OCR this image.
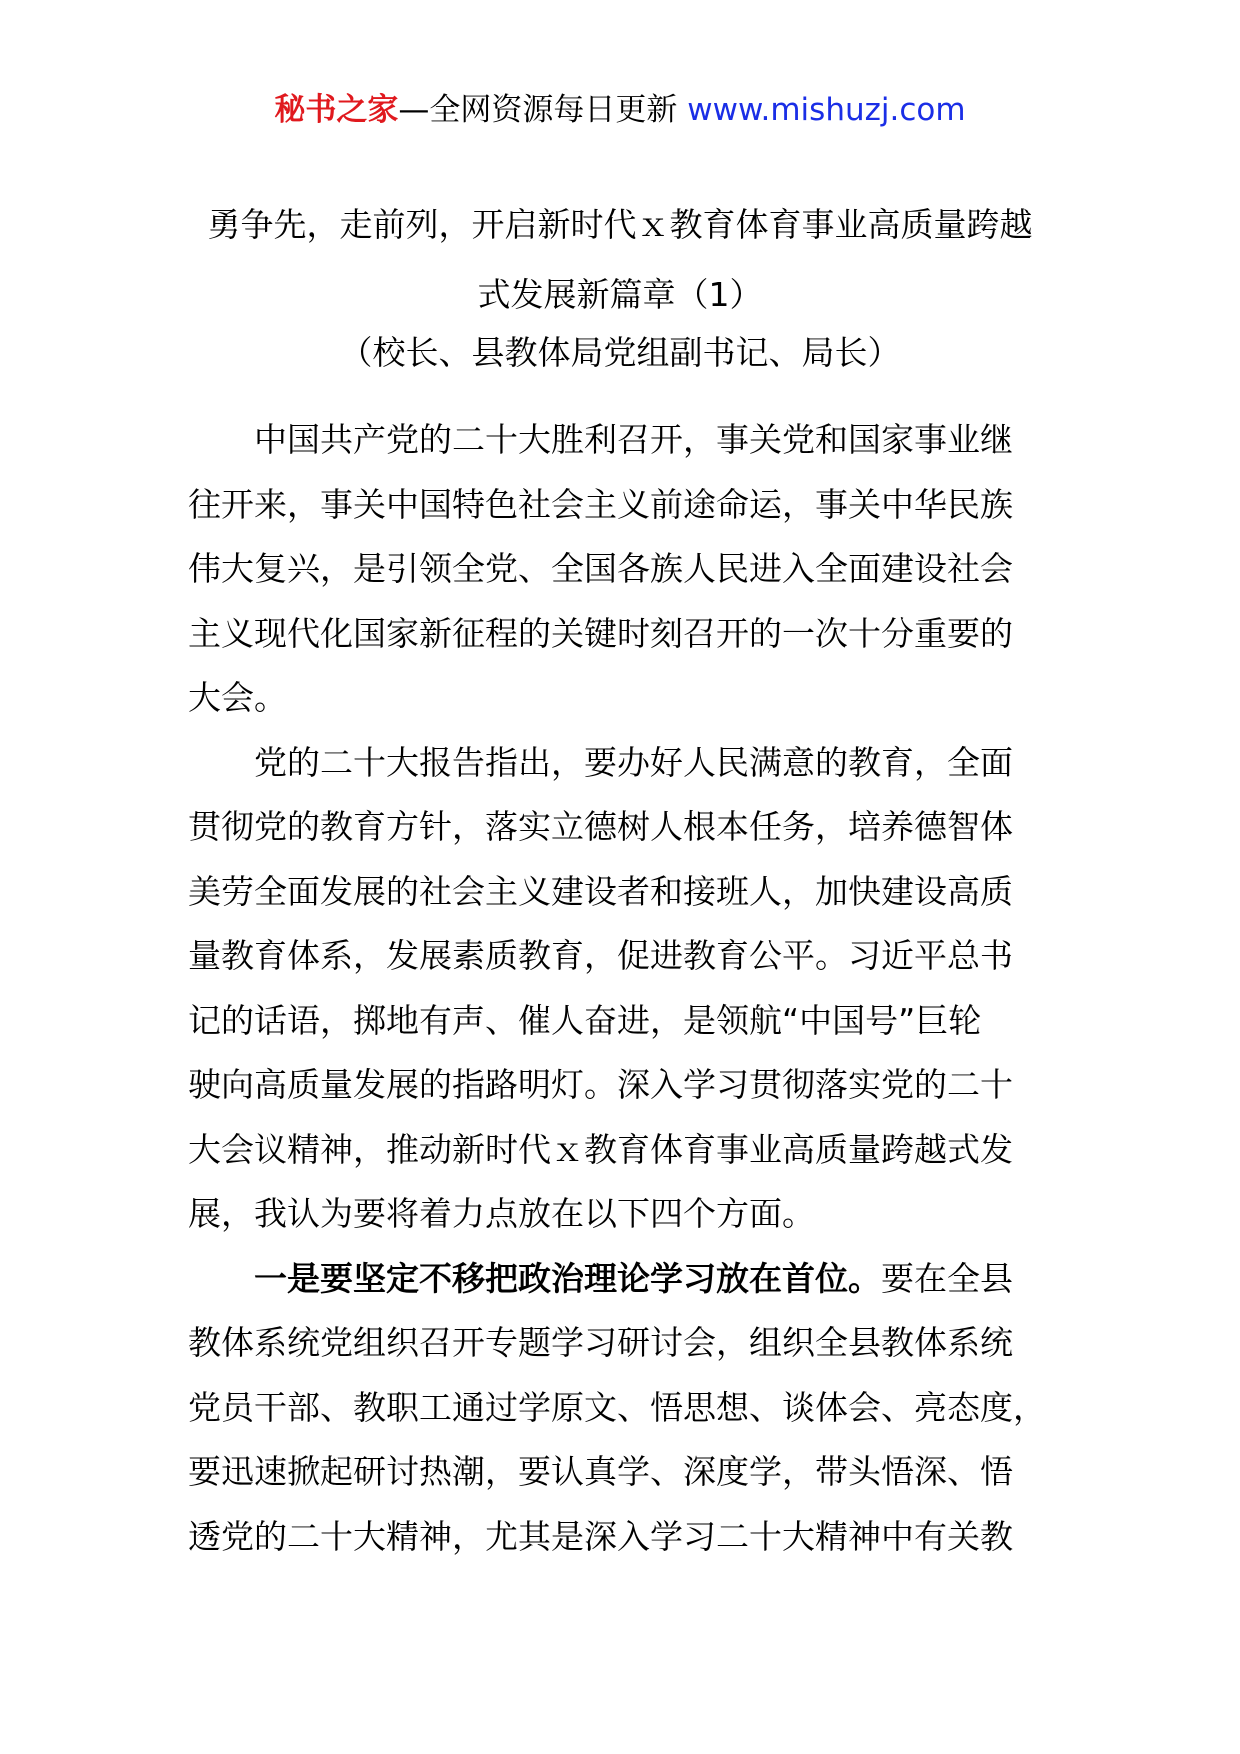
秘书之家—全网资源每日更新 www.mishuzj.com
勇争先，走前列，开启新时代ｘ教育体育事业高质量跨越
式发展新篇章（1）
（校长、县教体局党组副书记、局长）
中国共产党的二十大胜利召开，事关党和国家事业继
往开来，事关中国特色社会主义前途命运，事关中华民族
伟大复兴，是引领全党、全国各族人民进入全面建设社会
主义现代化国家新征程的关键时刻召开的一次十分重要的
大会。
党的二十大报告指出，要办好人民满意的教育，全面
贯彻党的教育方针，落实立德树人根本任务，培养德智体
美劳全面发展的社会主义建设者和接班人，加快建设高质
量教育体系，发展素质教育，促进教育公平。习近平总书
记的话语，掷地有声、催人奋进，是领航“中国号”巨轮
驶向高质量发展的指路明灯。深入学习贯彻落实党的二十
大会议精神，推动新时代ｘ教育体育事业高质量跨越式发
展，我认为要将着力点放在以下四个方面。
一是要坚定不移把政治理论学习放在首位。要在全县
教体系统党组织召开专题学习研讨会，组织全县教体系统
党员干部、教职工通过学原文、悟思想、谈体会、亮态度，
要迅速掀起研讨热潮，要认真学、深度学，带头悟深、悟
透党的二十大精神，尤其是深入学习二十大精神中有关教
